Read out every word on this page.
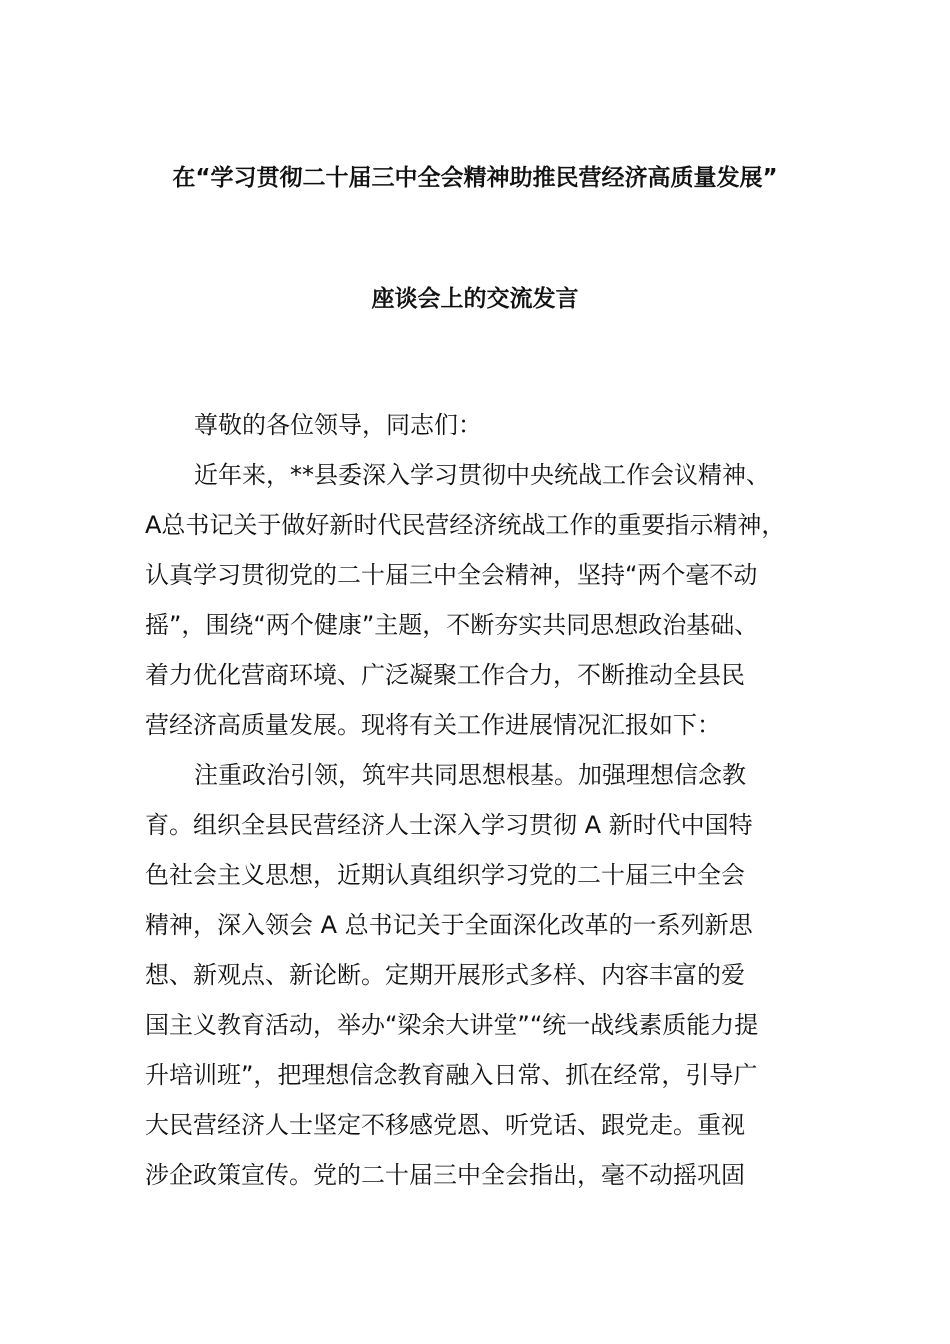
在“学习贯彻二十届三中全会精神助推民营经济高质量发展”
座谈会上的交流发言
尊敬的各位领导，同志们：
近年来，**县委深入学习贯彻中央统战工作会议精神、
A总书记关于做好新时代民营经济统战工作的重要指示精神，
认真学习贯彻党的二十届三中全会精神，坚持“两个毫不动
摇”，围绕“两个健康”主题，不断夯实共同思想政治基础、
着力优化营商环境、广泛凝聚工作合力，不断推动全县民
营经济高质量发展。现将有关工作进展情况汇报如下：
注重政治引领，筑牢共同思想根基。加强理想信念教
育。组织全县民营经济人士深入学习贯彻 A 新时代中国特
色社会主义思想，近期认真组织学习党的二十届三中全会
精神，深入领会 A 总书记关于全面深化改革的一系列新思
想、新观点、新论断。定期开展形式多样、内容丰富的爱
国主义教育活动，举办“梁余大讲堂”“统一战线素质能力提
升培训班”，把理想信念教育融入日常、抓在经常，引导广
大民营经济人士坚定不移感党恩、听党话、跟党走。重视
涉企政策宣传。党的二十届三中全会指出，毫不动摇巩固
